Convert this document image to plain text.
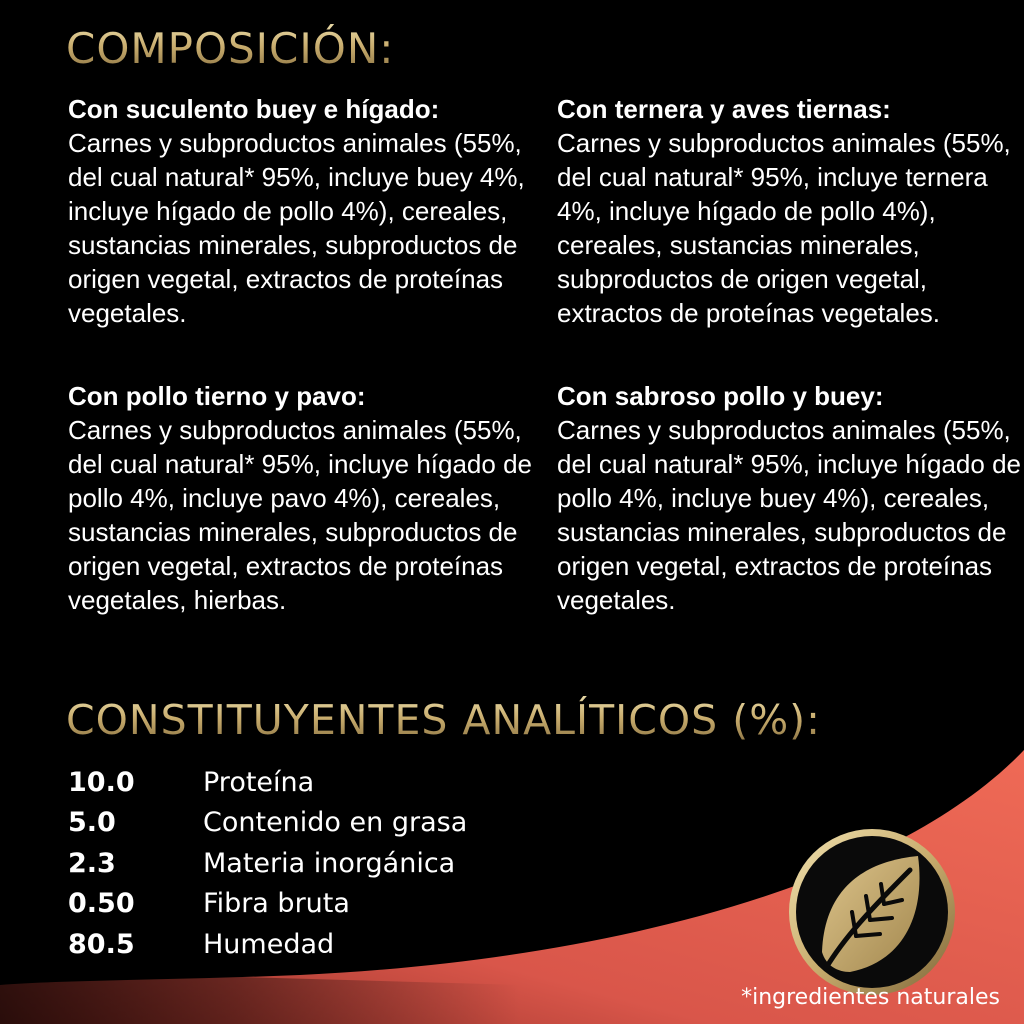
COMPOSICIÓN:
Con suculento buey e hígado:
Carnes y subproductos animales (55%, del cual natural* 95%, incluye buey 4%, incluye hígado de pollo 4%), cereales, sustancias minerales, subproductos de origen vegetal, extractos de proteínas vegetales.
Con ternera y aves tiernas:
Carnes y subproductos animales (55%, del cual natural* 95%, incluye ternera 4%, incluye hígado de pollo 4%), cereales, sustancias minerales, subproductos de origen vegetal, extractos de proteínas vegetales.
Con pollo tierno y pavo:
Carnes y subproductos animales (55%, del cual natural* 95%, incluye hígado de pollo 4%, incluye pavo 4%), cereales, sustancias minerales, subproductos de origen vegetal, extractos de proteínas vegetales, hierbas.
Con sabroso pollo y buey:
Carnes y subproductos animales (55%, del cual natural* 95%, incluye hígado de pollo 4%, incluye buey 4%), cereales, sustancias minerales, subproductos de origen vegetal, extractos de proteínas vegetales.
CONSTITUYENTES ANALÍTICOS (%):
10.0	Proteína
5.0	Contenido en grasa
2.3	Materia inorgánica
0.50	Fibra bruta
80.5	Humedad
*ingredientes naturales
